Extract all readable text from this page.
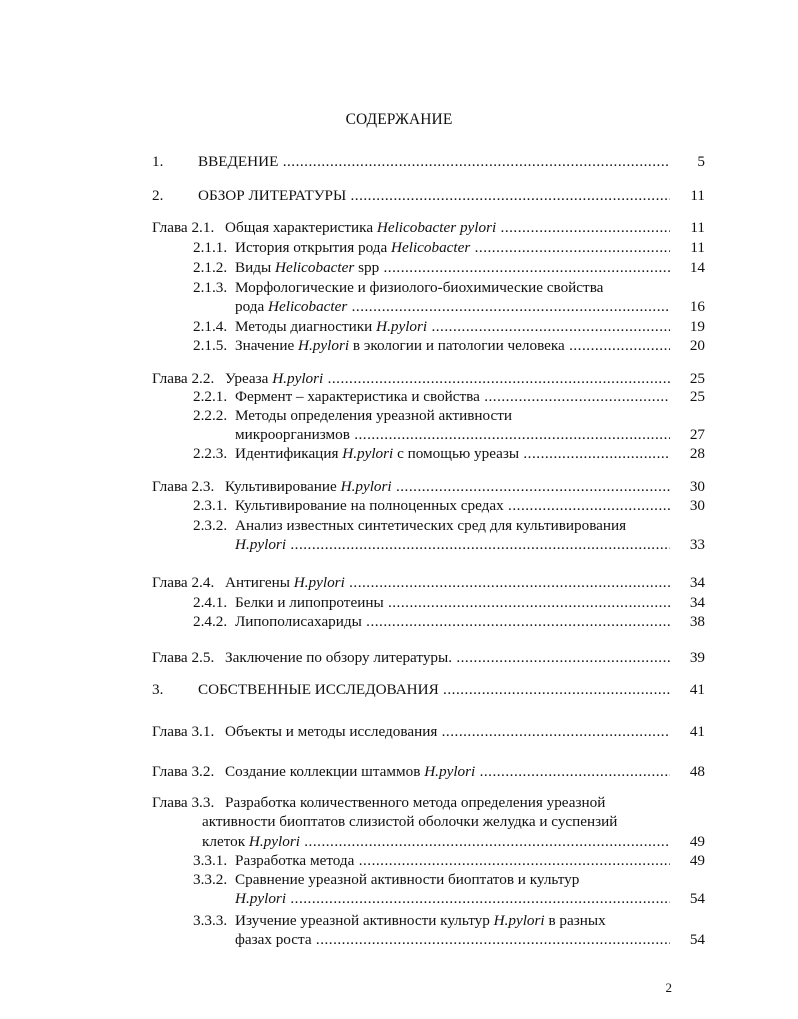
СОДЕРЖАНИЕ
1. ВВЕДЕНИЕ .....	5
2. ОБЗОР ЛИТЕРАТУРЫ .....	11
Глава 2.1. Общая характеристика Helicobacter pylori .....	11
2.1.1. История открытия рода Helicobacter .....	11
2.1.2. Виды Helicobacter spp .....	14
2.1.3. Морфологические и физиолого-биохимические свойства
рода Helicobacter .....	16
2.1.4. Методы диагностики H.pylori .....	19
2.1.5. Значение H.pylori в экологии и патологии человека .....	20
Глава 2.2. Уреаза H.pylori .....	25
2.2.1. Фермент – характеристика и свойства .....	25
2.2.2. Методы определения уреазной активности
микроорганизмов .....	27
2.2.3. Идентификация H.pylori с помощью уреазы .....	28
Глава 2.3. Культивирование H.pylori .....	30
2.3.1. Культивирование на полноценных средах .....	30
2.3.2. Анализ известных синтетических сред для культивирования
H.pylori .....	33
Глава 2.4. Антигены H.pylori .....	34
2.4.1. Белки и липопротеины .....	34
2.4.2. Липополисахариды .....	38
Глава 2.5. Заключение по обзору литературы. .....	39
3. СОБСТВЕННЫЕ ИССЛЕДОВАНИЯ .....	41
Глава 3.1. Объекты и методы исследования .....	41
Глава 3.2. Создание коллекции штаммов H.pylori .....	48
Глава 3.3. Разработка количественного метода определения уреазной
активности биоптатов слизистой оболочки желудка и суспензий
клеток H.pylori .....	49
3.3.1. Разработка метода .....	49
3.3.2. Сравнение уреазной активности биоптатов и культур
H.pylori .....	54
3.3.3. Изучение уреазной активности культур H.pylori в разных
фазах роста .....	54
2
